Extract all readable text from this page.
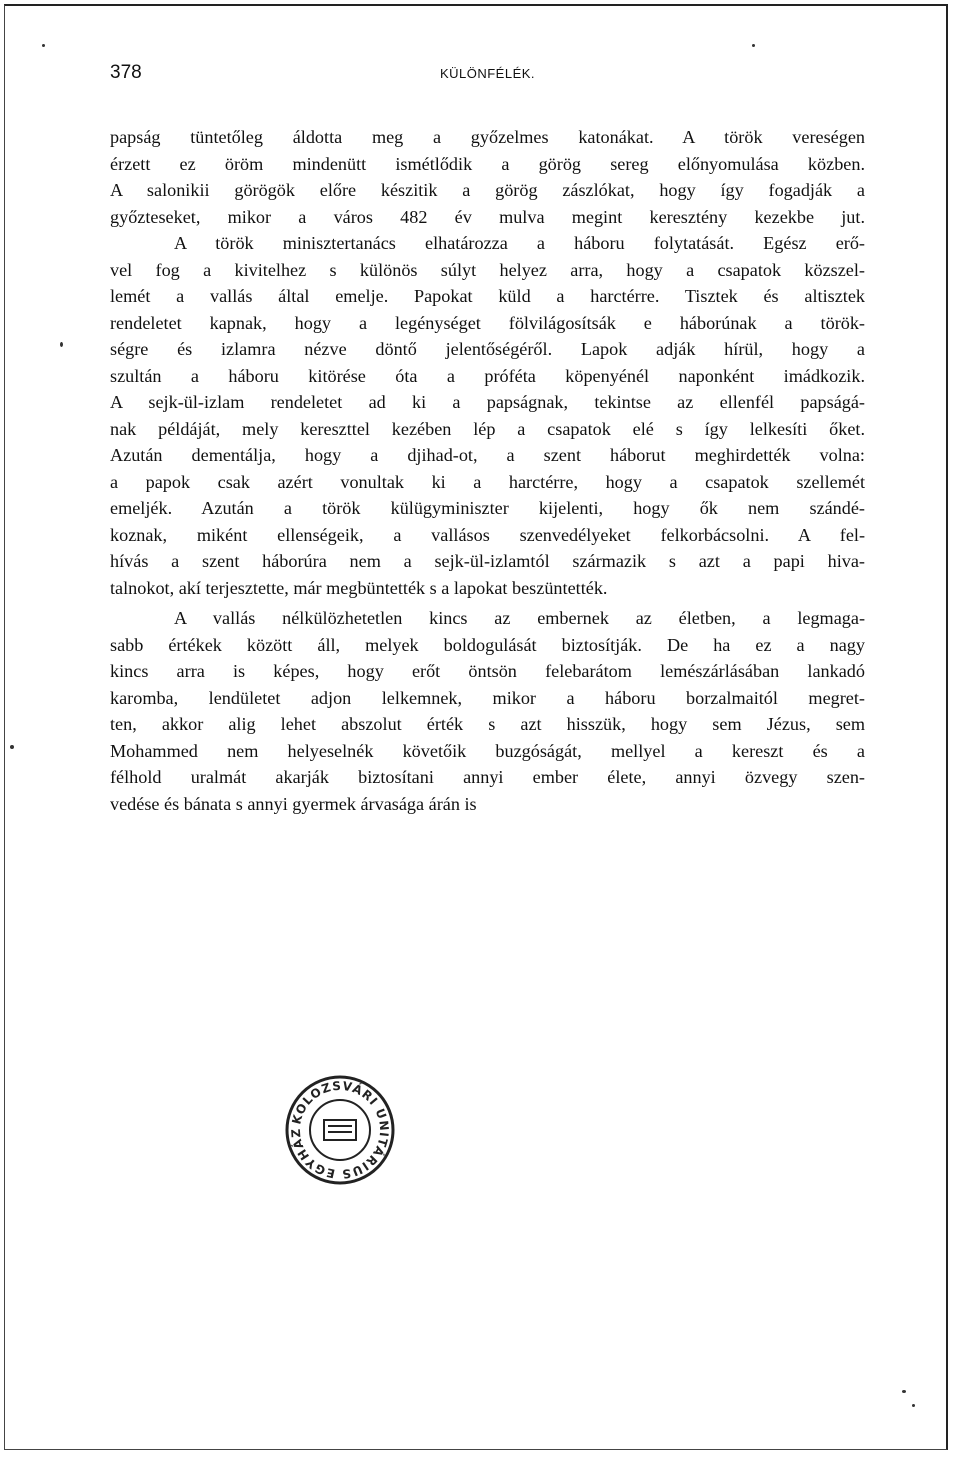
378	KÜLÖNFÉLÉK.
papság tüntetőleg áldotta meg a győzelmes katonákat. A török vereségen
érzett ez öröm mindenütt ismétlődik a görög sereg előnyomulása közben.
A salonikii görögök előre készitik a görög zászlókat, hogy így fogadják a
győzteseket, mikor a város 482 év mulva megint keresztény kezekbe jut.
A török minisztertanács elhatározza a háboru folytatását. Egész erő-
vel fog a kivitelhez s különös súlyt helyez arra, hogy a csapatok közszel-
lemét a vallás által emelje. Papokat küld a harctérre. Tisztek és altisztek
rendeletet kapnak, hogy a legénységet fölvilágosítsák e háborúnak a török-
ségre és izlamra nézve döntő jelentőségéről. Lapok adják hírül, hogy a
szultán a háboru kitörése óta a próféta köpenyénél naponként imádkozik.
A sejk-ül-izlam rendeletet ad ki a papságnak, tekintse az ellenfél papságá-
nak példáját, mely kereszttel kezében lép a csapatok elé s így lelkesíti őket.
Azután dementálja, hogy a djihad-ot, a szent háborut meghirdették volna:
a papok csak azért vonultak ki a harctérre, hogy a csapatok szellemét
emeljék. Azután a török külügyminiszter kijelenti, hogy ők nem szándé-
koznak, miként ellenségeik, a vallásos szenvedélyeket felkorbácsolni. A fel-
hívás a szent háborúra nem a sejk-ül-izlamtól származik s azt a papi hiva-
talnokot, akí terjesztette, már megbüntették s a lapokat beszüntették.
A vallás nélkülözhetetlen kincs az embernek az életben, a legmaga-
sabb értékek között áll, melyek boldogulását biztosítják. De ha ez a nagy
kincs arra is képes, hogy erőt öntsön felebarátom lemészárlásában lankadó
karomba, lendületet adjon lelkemnek, mikor a háboru borzalmaitól megret-
ten, akkor alig lehet abszolut érték s azt hisszük, hogy sem Jézus, sem
Mohammed nem helyeselnék követőik buzgóságát, mellyel a kereszt és a
félhold uralmát akarják biztosítani annyi ember élete, annyi özvegy szen-
vedése és bánata s annyi gyermek árvasága árán is
KOLOZSVÁRI UNITÁRIUS EGYHÁZ
